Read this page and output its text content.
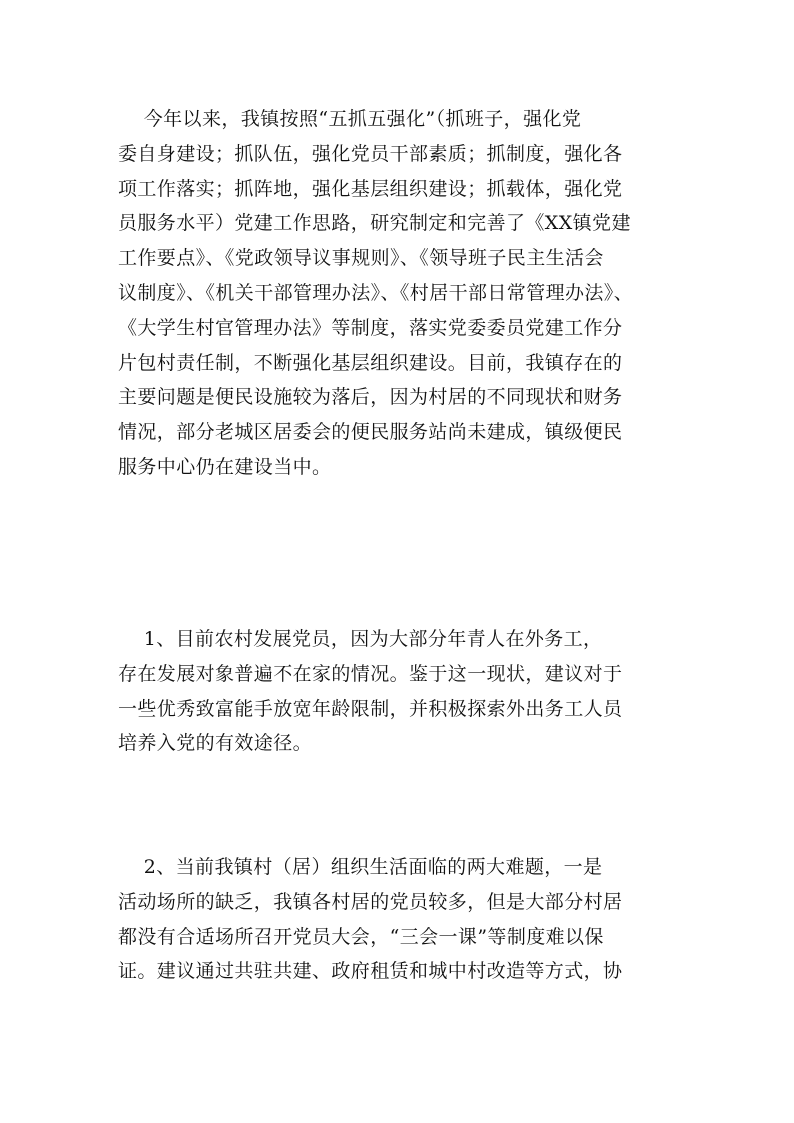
今年以来，我镇按照“五抓五强化”（抓班子，强化党
委自身建设；抓队伍，强化党员干部素质；抓制度，强化各
项工作落实；抓阵地，强化基层组织建设；抓载体，强化党
员服务水平）党建工作思路，研究制定和完善了《XX镇党建
工作要点》、《党政领导议事规则》、《领导班子民主生活会
议制度》、《机关干部管理办法》、《村居干部日常管理办法》、
《大学生村官管理办法》等制度，落实党委委员党建工作分
片包村责任制，不断强化基层组织建设。目前，我镇存在的
主要问题是便民设施较为落后，因为村居的不同现状和财务
情况，部分老城区居委会的便民服务站尚未建成，镇级便民
服务中心仍在建设当中。
1、目前农村发展党员，因为大部分年青人在外务工，
存在发展对象普遍不在家的情况。鉴于这一现状，建议对于
一些优秀致富能手放宽年龄限制，并积极探索外出务工人员
培养入党的有效途径。
2、当前我镇村（居）组织生活面临的两大难题，一是
活动场所的缺乏，我镇各村居的党员较多，但是大部分村居
都没有合适场所召开党员大会，“三会一课”等制度难以保
证。建议通过共驻共建、政府租赁和城中村改造等方式，协
